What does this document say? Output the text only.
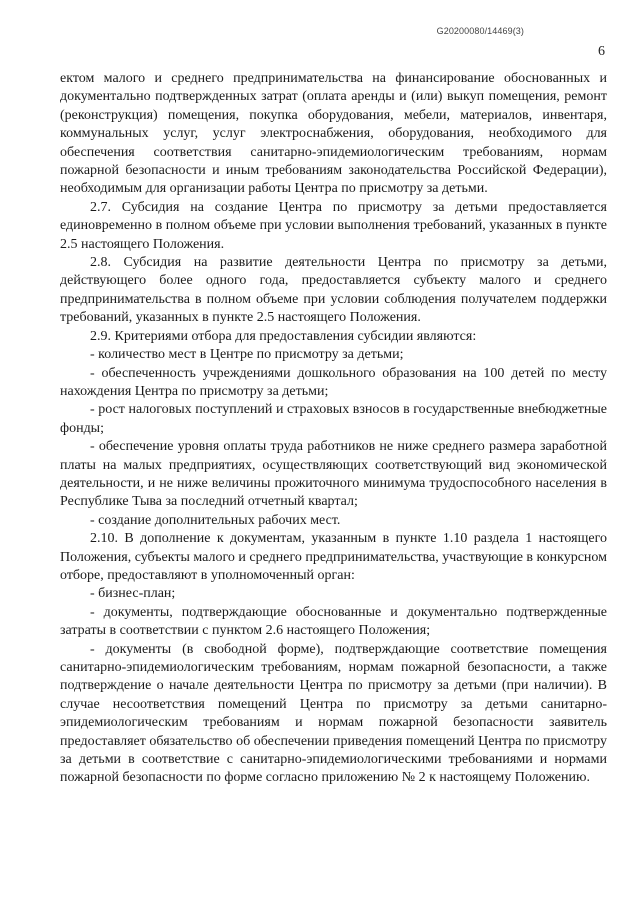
G20200080/14469(3)
6

ектом малого и среднего предпринимательства на финансирование обоснованных и документально подтвержденных затрат (оплата аренды и (или) выкуп помещения, ремонт (реконструкция) помещения, покупка оборудования, мебели, материалов, инвентаря, коммунальных услуг, услуг электроснабжения, оборудования, необходимого для обеспечения соответствия санитарно-эпидемиологическим требованиям, нормам пожарной безопасности и иным требованиям законодательства Российской Федерации), необходимым для организации работы Центра по присмотру за детьми.

2.7. Субсидия на создание Центра по присмотру за детьми предоставляется единовременно в полном объеме при условии выполнения требований, указанных в пункте 2.5 настоящего Положения.

2.8. Субсидия на развитие деятельности Центра по присмотру за детьми, действующего более одного года, предоставляется субъекту малого и среднего предпринимательства в полном объеме при условии соблюдения получателем поддержки требований, указанных в пункте 2.5 настоящего Положения.

2.9. Критериями отбора для предоставления субсидии являются:

- количество мест в Центре по присмотру за детьми;

- обеспеченность учреждениями дошкольного образования на 100 детей по месту нахождения Центра по присмотру за детьми;

- рост налоговых поступлений и страховых взносов в государственные внебюджетные фонды;

- обеспечение уровня оплаты труда работников не ниже среднего размера заработной платы на малых предприятиях, осуществляющих соответствующий вид экономической деятельности, и не ниже величины прожиточного минимума трудоспособного населения в Республике Тыва за последний отчетный квартал;

- создание дополнительных рабочих мест.

2.10. В дополнение к документам, указанным в пункте 1.10 раздела 1 настоящего Положения, субъекты малого и среднего предпринимательства, участвующие в конкурсном отборе, предоставляют в уполномоченный орган:

- бизнес-план;

- документы, подтверждающие обоснованные и документально подтвержденные затраты в соответствии с пунктом 2.6 настоящего Положения;

- документы (в свободной форме), подтверждающие соответствие помещения санитарно-эпидемиологическим требованиям, нормам пожарной безопасности, а также подтверждение о начале деятельности Центра по присмотру за детьми (при наличии). В случае несоответствия помещений Центра по присмотру за детьми санитарно-эпидемиологическим требованиям и нормам пожарной безопасности заявитель предоставляет обязательство об обеспечении приведения помещений Центра по присмотру за детьми в соответствие с санитарно-эпидемиологическими требованиями и нормами пожарной безопасности по форме согласно приложению № 2 к настоящему Положению.
